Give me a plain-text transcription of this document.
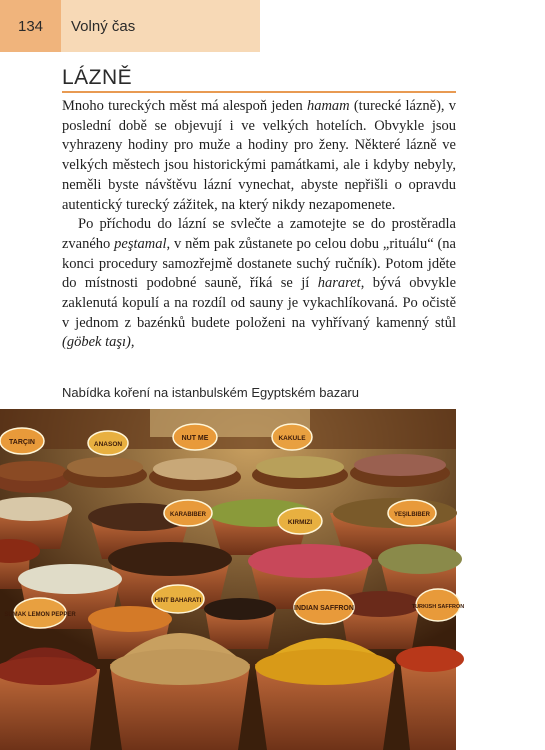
134	Volný čas
LÁZNĚ

Mnoho tureckých měst má alespoň jeden hamam (turecké lázně), v poslední době se objevují i ve velkých hotelích. Obvykle jsou vyhrazeny hodiny pro muže a hodiny pro ženy. Některé lázně ve velkých městech jsou historickými památkami, ale i kdyby nebyly, neměli byste návštěvu lázní vynechat, abyste nepřišli o opravdu autentický turecký zážitek, na který nikdy nezapomenete.

Po příchodu do lázní se svlečte a zamotejte se do prostěradla zvaného peştamal, v něm pak zůstanete po celou dobu „rituálu“ (na konci procedury samozřejmě dostanete suchý ručník). Potom jděte do místnosti podobné sauně, říká se jí hararet, bývá obvykle zaklenutá kopulí a na rozdíl od sauny je vykachlíkovaná. Po očistě v jednom z bazénků budete položeni na vyhřívaný kamenný stůl (göbek taşı),

Nabídka koření na istanbulském Egyptském bazaru
TARÇIN	ANASON
NUT ME	KAKULE
KARABIBER
KIRMIZI
YEŞILBIBER
HINT BAHARATI
INDIAN SAFFRON
SUMAK LEMON PEPPER
TURKISH SAFFRON
